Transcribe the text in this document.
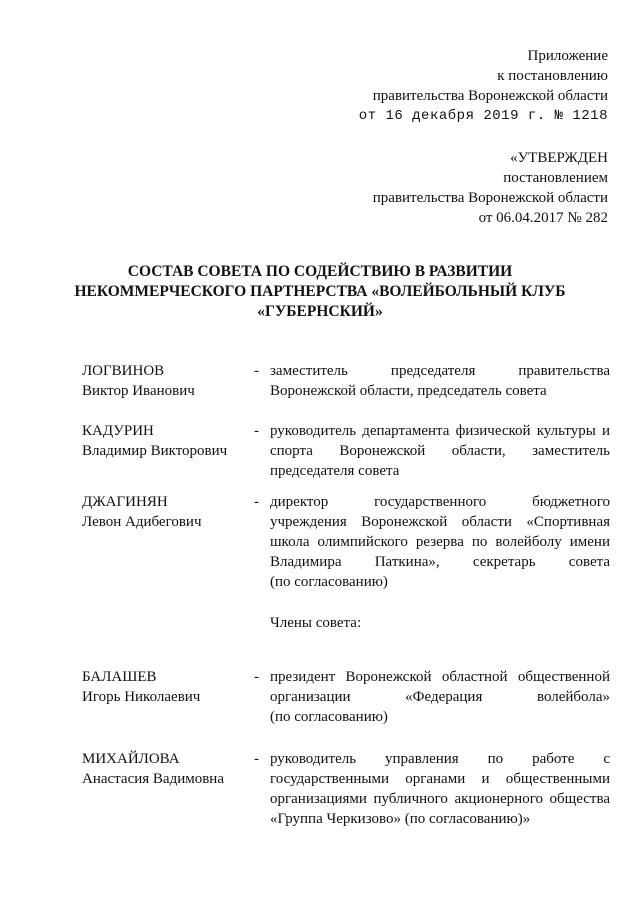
Приложение
к постановлению
правительства Воронежской области
от 16 декабря 2019 г. № 1218
«УТВЕРЖДЕН
постановлением
правительства Воронежской области
от 06.04.2017 № 282
СОСТАВ СОВЕТА ПО СОДЕЙСТВИЮ В РАЗВИТИИ
НЕКОММЕРЧЕСКОГО ПАРТНЕРСТВА «ВОЛЕЙБОЛЬНЫЙ КЛУБ
«ГУБЕРНСКИЙ»
ЛОГВИНОВ
Виктор Иванович
- заместитель председателя правительства
Воронежской области, председатель совета
КАДУРИН
Владимир Викторович
- руководитель департамента физической культуры и
спорта Воронежской области, заместитель
председателя совета
ДЖАГИНЯН
Левон Адибегович
- директор государственного бюджетного
учреждения Воронежской области «Спортивная
школа олимпийского резерва по волейболу имени
Владимира Паткина», секретарь совета
(по согласованию)
Члены совета:
БАЛАШЕВ
Игорь Николаевич
- президент Воронежской областной общественной
организации «Федерация волейбола»
(по согласованию)
МИХАЙЛОВА
Анастасия Вадимовна
- руководитель управления по работе с
государственными органами и общественными
организациями публичного акционерного общества
«Группа Черкизово» (по согласованию)»
